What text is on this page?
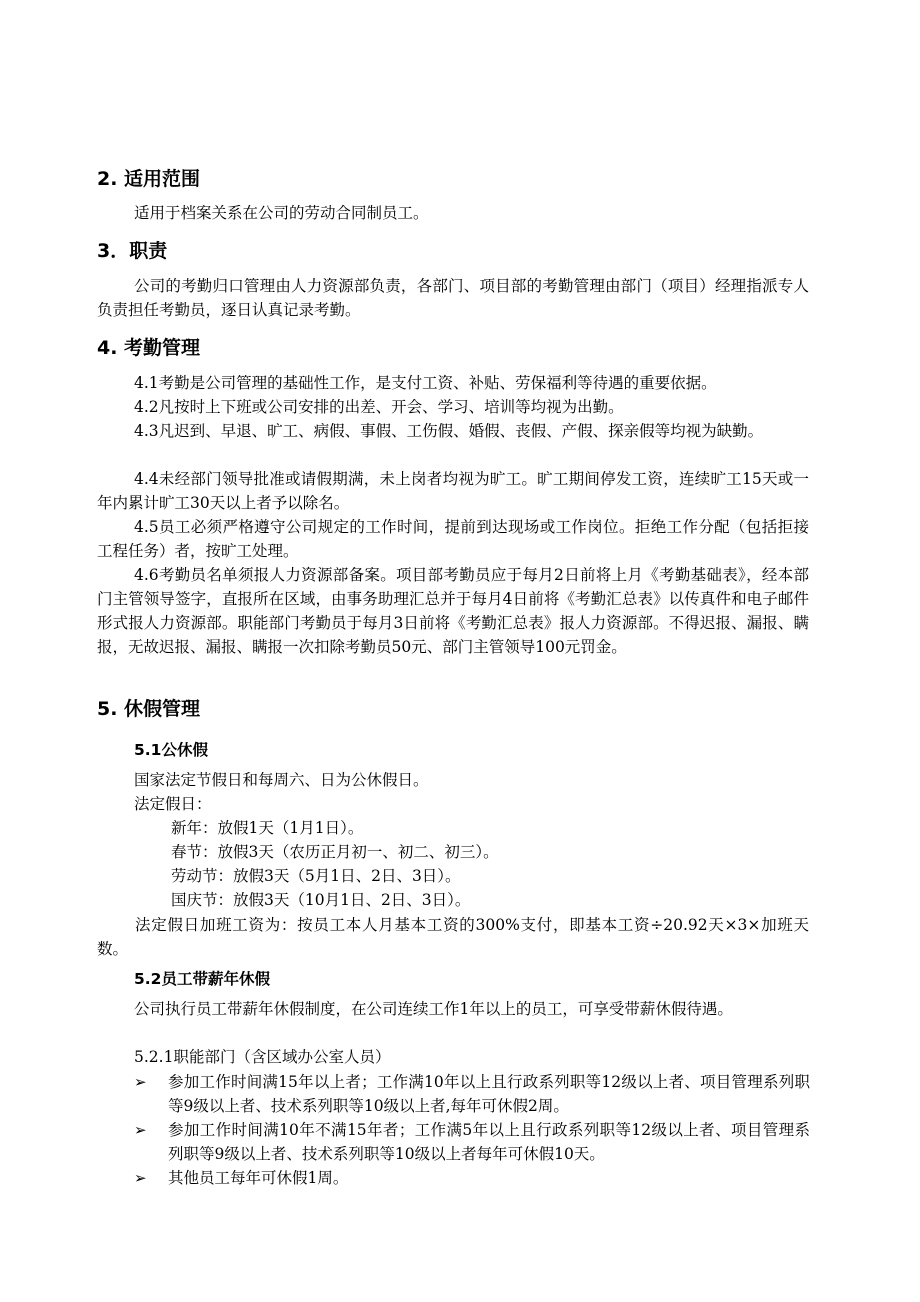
2. 适用范围

适用于档案关系在公司的劳动合同制员工。

3．职责

公司的考勤归口管理由人力资源部负责，各部门、项目部的考勤管理由部门（项目）经理指派专人负责担任考勤员，逐日认真记录考勤。

4. 考勤管理

4.1考勤是公司管理的基础性工作，是支付工资、补贴、劳保福利等待遇的重要依据。

4.2凡按时上下班或公司安排的出差、开会、学习、培训等均视为出勤。

4.3凡迟到、早退、旷工、病假、事假、工伤假、婚假、丧假、产假、探亲假等均视为缺勤。

4.4未经部门领导批准或请假期满，未上岗者均视为旷工。旷工期间停发工资，连续旷工15天或一年内累计旷工30天以上者予以除名。

4.5员工必须严格遵守公司规定的工作时间，提前到达现场或工作岗位。拒绝工作分配（包括拒接工程任务）者，按旷工处理。

4.6考勤员名单须报人力资源部备案。项目部考勤员应于每月2日前将上月《考勤基础表》，经本部门主管领导签字，直报所在区域，由事务助理汇总并于每月4日前将《考勤汇总表》以传真件和电子邮件形式报人力资源部。职能部门考勤员于每月3日前将《考勤汇总表》报人力资源部。不得迟报、漏报、瞒报，无故迟报、漏报、瞒报一次扣除考勤员50元、部门主管领导100元罚金。

5. 休假管理
5.1公休假

国家法定节假日和每周六、日为公休假日。

法定假日：

新年：放假1天（1月1日）。

春节：放假3天（农历正月初一、初二、初三）。

劳动节：放假3天（5月1日、2日、3日）。

国庆节：放假3天（10月1日、2日、3日）。

法定假日加班工资为：按员工本人月基本工资的300%支付，即基本工资÷20.92天×3×加班天数。

5.2员工带薪年休假

公司执行员工带薪年休假制度，在公司连续工作1年以上的员工，可享受带薪休假待遇。

5.2.1职能部门（含区域办公室人员）

➢ 参加工作时间满15年以上者；工作满10年以上且行政系列职等12级以上者、项目管理系列职等9级以上者、技术系列职等10级以上者,每年可休假2周。

➢ 参加工作时间满10年不满15年者；工作满5年以上且行政系列职等12级以上者、项目管理系列职等9级以上者、技术系列职等10级以上者每年可休假10天。

➢ 其他员工每年可休假1周。
